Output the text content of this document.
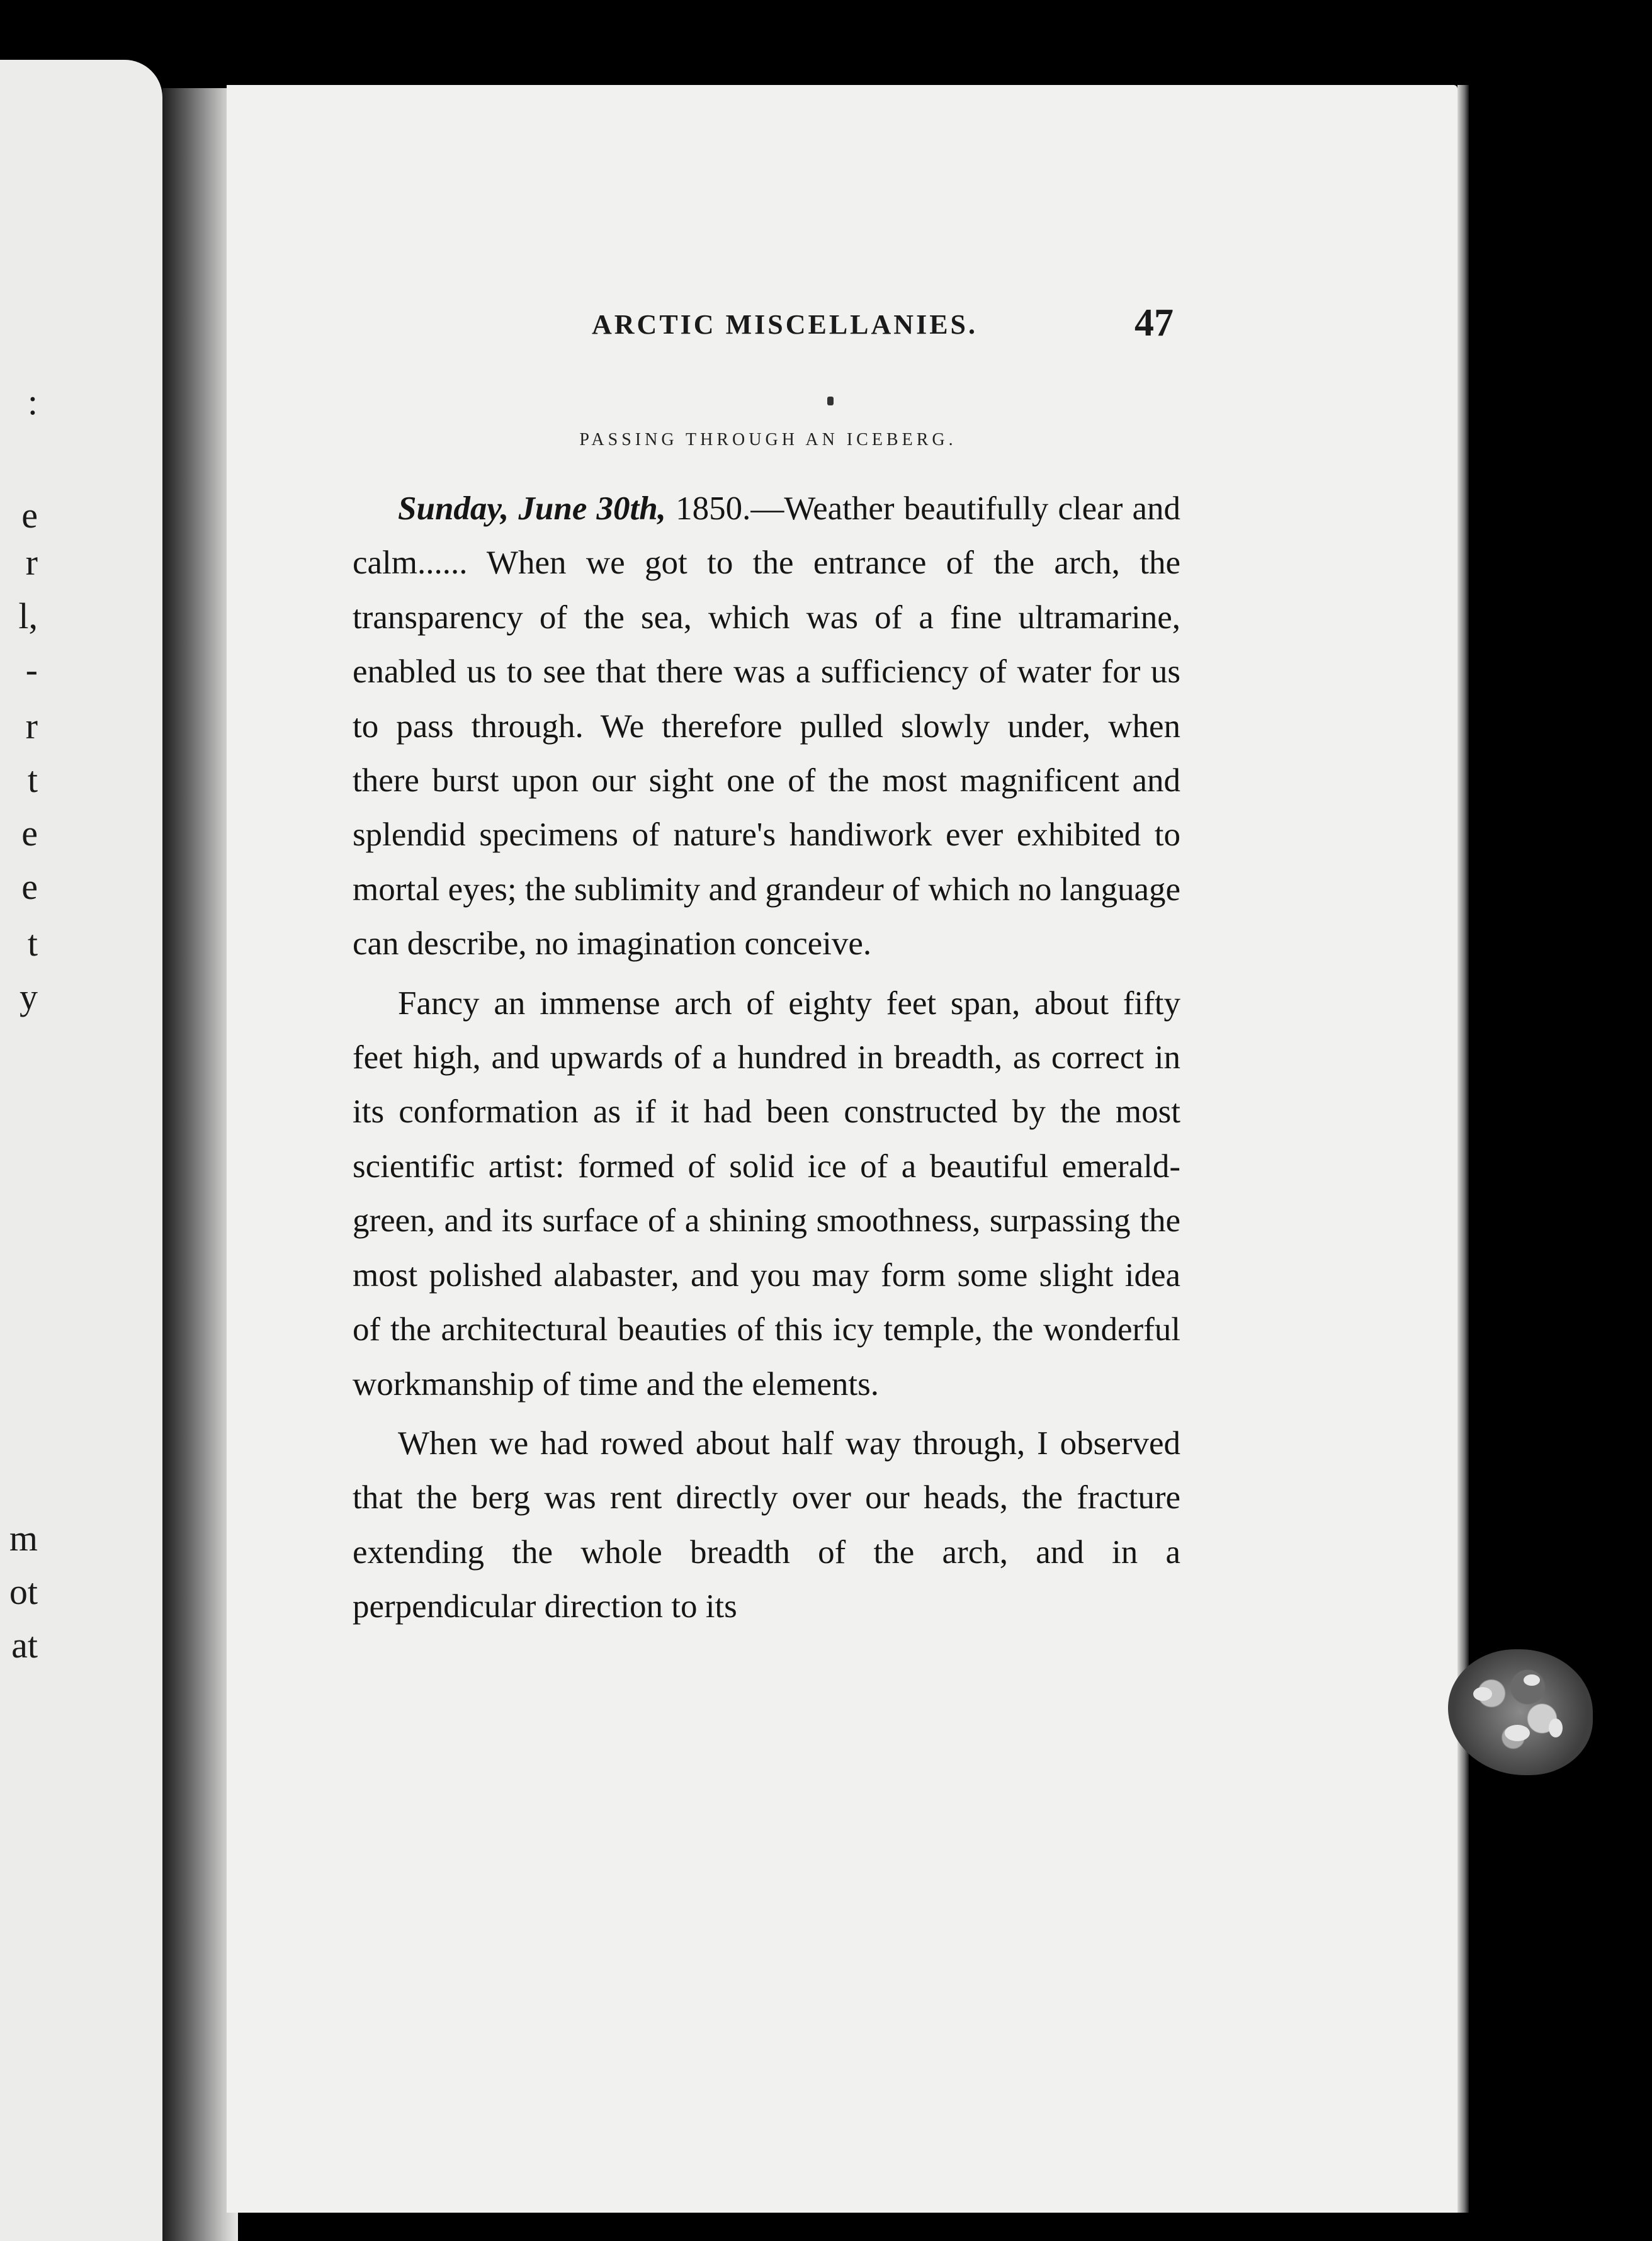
:
e
r
l,
-
r
t
e
e
t
y
m
ot
at
ARCTIC MISCELLANIES.	47
PASSING THROUGH AN ICEBERG.

Sunday, June 30th, 1850.—Weather beautifully clear and calm...... When we got to the entrance of the arch, the transparency of the sea, which was of a fine ultramarine, enabled us to see that there was a sufficiency of water for us to pass through. We therefore pulled slowly under, when there burst upon our sight one of the most magnificent and splendid specimens of nature's handiwork ever exhibited to mortal eyes; the sublimity and grandeur of which no language can describe, no imagination conceive.

Fancy an immense arch of eighty feet span, about fifty feet high, and upwards of a hundred in breadth, as correct in its conformation as if it had been constructed by the most scientific artist: formed of solid ice of a beautiful emerald-green, and its surface of a shining smoothness, surpassing the most polished alabaster, and you may form some slight idea of the architectural beauties of this icy temple, the wonderful workmanship of time and the elements.

When we had rowed about half way through, I observed that the berg was rent directly over our heads, the fracture extending the whole breadth of the arch, and in a perpendicular direction to its
